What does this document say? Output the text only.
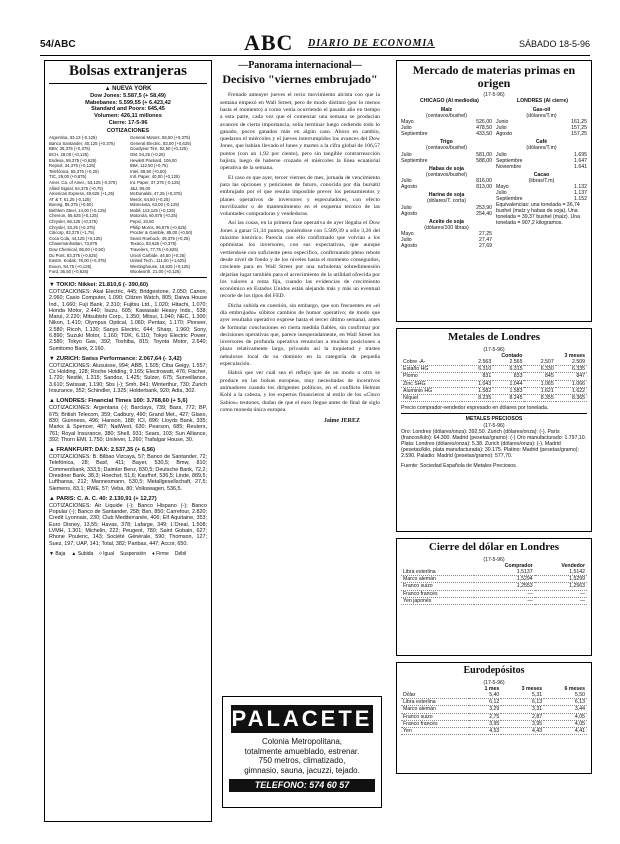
54/ABC	ABC DIARIO DE ECONOMIA	SÁBADO 18-5-96
Bolsas extranjeras
▲ NUEVA YORK
Dow Jones: 5.587,5 (+ 58,49)
Mabebanes: 5.599,55 (+ 6.423,42
Standard and Poors: 645,45
Volumen: 426,11 millones
Cierre: 17-5-96
COTIZACIONES
Argentina, 33,13 (-0,125)
Banco Santander, 40,125 (+0,375)
BBV, 35,375 (+0,375)
BCH, 28,00 (+0,125)
Endesa, 59,375 (+0,625)
Repsol, 34,375 (+0,125)
Telefónica, 55,375 (+0,25)
TIC, 29,00 (+0,875)
Amer. Ca. of Amer., 53,125 (-0,375)
Allied Signal, 54,375 (+0,75)
American Express, 49,625 (+1,25)
AT & T, 61,25 (-0,125)
Boeing, 85,375 (+0,50)
Bethlem Steel, 14,00 (+0,125)
Chevron, 55,625 (+0,125)
Chrysler, 66,125 (+0,375)
Chrysler, 33,25 (+0,375)
Citicorp, 82,375 (+1,75)
Coca Cola, 44,125 (+0,125)
Chasemanhattan, 73,875
Dow Chemical, 86,00 (+0,50)
Du Pont, 83,375 (+0,625)
Eastm. Kodak, 78,00 (+0,375)
Exxon, 84,75 (+0,125)
Ford, 36,50 (+0,625)
General Motors, 55,50 (+0,375)
General Electric, 83,00 (+0,625)
Goodyear Tire, 52,50 (+0,125)
GM, 54,25 (+0,25)
Hewlett Packard, 106,00
IBM, 112,50 (+0,75)
Intel, 69,50 (+0,50)
Intl. Paper, 40,00 (+0,125)
Int. Paper, 37,375 (-0,125)
J&J, 95,00
McDonalds, 47,25 (+0,375)
Merck, 64,50 (+0,25)
Minnesota, 63,00 (-0,125)
Mobil, 113,125 (+0,125)
Motorola, 60,875 (+0,25)
Pepsi, 33,50
Philip Morris, 96,875 (+0,625)
Procter & Gamble, 85,00 (+0,50)
Sears Roebuck, 49,375 (+0,25)
Texaco, 83,625 (+0,375)
Travelers, 77,75 (+0,625)
Union Carbide, 44,50 (+0,25)
United Tech., 111,00 (+1,625)
Westinghouse, 18,625 (+0,125)
Woolworth, 21,00 (+0,125)
▼ TOKIO: Nikkei: 21.810,6 (- 390,60)
COTIZACIONES: Akai Electric, 445; Bridgestone, 2.050; Canon, 2.060; Casio Computer, 1.090; Citizen Watch, 805; Daiwa House Ind., 1.660; Fuji Bank, 2.310; Fujitsu Ltd., 1.020; Hitachi, 1.070; Honda Motor, 2.440; Isuzu, 605; Kawasaki Heavy Inds., 538; Marui, 2.220; Mitsubishi Corp., 1.350; Mitsui, 1.040; NEC, 1.300; Nikon, 1.410; Olympus Optical, 1.060; Pentax, 1.170; Pioneer, 2.580; Ricoh, 1.130; Sanyo Electric, 644; Sharp, 1.960; Sony, 6.890; Suzuki Motor, 1.160; TDK, 6.110; Tokyo Electric Power, 2.580; Tokyo Gas, 392; Toshiba, 815; Toyota Motor, 2.640; Sumitomo Bank, 2.160.
▼ ZURICH: Swiss Performance: 2.067,64 (- 3,42)
COTIZACIONES: Alusuisse, 994; ABB, 1.505; Ciba Geigy, 1.557; Cs Holding, 128; Roche Holding, 9.165; Electrowatt, 476; Fischer, 1.720; Nestlé, 1.315; Sandoz, 1.425; Sulzer, 675; Surveillance, 3.610; Swissair, 1.190; Sbs (-); Smh, 841; Winterthur, 730; Zurich Insurance, 352; Schindler, 1.325; Holderbank, 920; Adia, 302.
▲ LONDRES: Financial Times 100: 3.768,60 (+ 5,6)
COTIZACIONES: Argentaria (-); Barclays, 739; Bass, 772; BP, 675; British Telecom, 359; Cadbury, 490; Grand Met., 427; Glaxo, 830; Guinness, 496; Hanson, 188; ICI, 896; Lloyds Bank, 335; Marks & Spencer, 487; NatWest, 630; Pearson, 685; Reuters, 761; Royal Insurance, 380; Shell, 931; Sears, 103; Sun Alliance, 392; Thorn EMI, 1.750; Unilever, 1.260; Trafalgar House, 30.
▲ FRANKFURT: DAX: 2.537,35 (+ 6,56)
COTIZACIONES: B. Bilbao Vizcaya, 57; Banco de Santander, 72; Telefónica, 28; Basf, 411; Bayer, 530,5; Bmw, 810; Commerzbank, 333,5; Daimler Benz, 830,5; Deutsche Bank, 72,2; Dresdner Bank, 38,3; Hoechst, 51,6; Kaufhof, 536,5; Linde, 889,5; Lufthansa, 212; Mannesmann, 530,5; Metallgesellschaft, 27,5; Siemens, 83,1; RWE, 57; Veba, 80; Volkswagen, 536,5.
▲ PARIS: C. A. C. 40: 2.130,91 (+ 12,27)
COTIZACIONES: Air Liquide (-); Banco Hispano (-); Banco Popular (-); Banco de Santander, 258; Bsn, 850; Carrefour, 2.820; Credit Lyonnais, 230; Club Mediterranée, 406; Elf Aquitaine, 353; Euro Disney, 13,55; Havas, 378; Lafarge, 349; L'Oreal, 1.508; LVMH, 1.301; Michelin, 222; Peugeot, 780; Saint Gobain, 627; Rhone Poulenc, 143; Société Générale, 590; Thomson, 127; Suez, 197; UAP, 141; Total, 382; Paribas, 447; Accor, 650.
▼ Baja ▲ Subida ◊ Igual Suspensión ♦ Firme Débil
—Panorama internacional—
Decisivo "viernes embrujado"

Frenado anteayer jueves el recio movimiento alcista con que la semana empezó en Wall Street, pero de modo distinto (por lo menos hasta el momento) a como venía ocurriendo el pasado año en tiempo a esta parte, cada vez que el comenzar una semana se producían avances de cierta importancia, solía terminar luego cediendo todo lo ganado, pocos ganados más en algún caso. Ahora en cambio, quedaron el miércoles y el jueves interrumpidos los avances del Dow Jones, que habían llevado el lunes y martes a la cifra global de 106,57 puntos (con un 1,92 por ciento), pero sin tangible contrarreacción bajista, luego de haberse cruzado el miércoles la línea ecuatorial operativa de la semana.

El caso es que ayer, tercer viernes de mes, jornada de vencimiento para las opciones y peticiones de futuro, conocida por día bursátil embrujado por el que resulta imposible prever los pensamientos y planes operativos de inversores y especuladores, con efecto movilizador o de mantenimiento en el esquema técnico de las voluntades compradoras y vendedoras.

Así las cosas, en la primera fase operativa de ayer llegaba el Dow Jones a ganar 51,34 puntos, poniéndose con 5.589,39 a sólo 3,26 del máximo histórico. Parecía con ello confirmado que volvían a los optimistas los inversores, con sus expectativas, que aunque vertíendose con suficiente peso específico, confirmando pleno rebote desde nivel de fondo y de los niveles hasta el momento conseguidos, creciente para en Wall Street por una turbulenta sobredimensión dejarían lugar también para el acrecimiento de la utilidad ofrecida por los valores a renta fija, cuando las evidencias de crecimiento económico en Estados Unidos están alejando más y más un eventual recorte de los tipos del FED.

Dicha subida en cuestión, sin embargo, que son frecuentes en «el día embrujado» súbitos cambios de humor operativo; de modo que ayer resultaba operativo exprese hasta el tercer último semanal, antes de formular conclusiones en cierta medida fiables, sin confirmar por decisiones operativas que, parece inesperadamente, en Wall Street los inversores de profunda operativa renuncian a muchos posiciones a plazo relativamente largo, privando así la inquietud y trastes nebulosos local de su dominio en la categoría de pequeña especulación.

Habrá que ver cuál sea el reflejo que de un modo u otro se produce en las bolsas europeas, muy necesitadas de incentivos animadores cuando los dirigentes políticos, en el conflicto Helmut Kohl a la cabeza, y los expertos financieros al estilo de los «Cinco Sabios» teutones, dudan de que el euro llegue antes de final de siglo como moneda única europea.

Jaime JEREZ
PALACETE
Colonia Metropolitana,
totalmente amueblado, estrenar.
750 metros, climatizado,
gimnasio, sauna, jacuzzi, tejado.
TELEFONO: 574 60 57
Mercado de materias primas en origen
(17-5-96)
CHICAGO (Al mediodía)	LONDRES (Al cierre)
Maíz
(centavos/bushel)
Mayo	526,00
Julio	478,50
Septiembre	433,50
Trigo
(centavos/bushel)
Julio	581,00
Septiembre	588,00
Habas de soja
(centavos/bushel)
Julio	816,00
Agosto	813,00
Harina de soja
(dólares/T. corta)
Julio	253,90
Agosto	254,40
Aceite de soja
(dólares/100 libras)
Mayo	27,25
Julio	27,47
Agosto	27,69
Gas-oil
(dólares/T.m)
Junio	161,25
Julio	157,25
Agosto	157,25
Café
(dólares/T.m)
Julio	1.695
Septiembre	1.647
Noviembre	1.641
Cacao
(libras/T.m)
Mayo	1.132
Julio	1.137
Septiembre	1.152
Equivalencias: una tonelada = 36,74 bushel (maíz y habas de soja). Una tonelada = 39,37 bushel (maíz). Una tonelada = 907,2 kilogramos.
Metales de Londres
(17-5-96)
	Contado		3 meses	
Cobre -A-	2.563	2.565	2.507	2.509
Estaño HG	6.310	6.315	6.330	6.335
Plomo	831	833	845	847
Zinc SHG	1.043	1.044	1.065	1.066
Aluminio HG	1.582	1.583	1.621	1.622
Níquel	8.235	8.245	8.355	8.365
Precio comprador-vendedor expresado en dólares por tonelada.
METALES PRECIOSOS
(17-5-96)
Oro: Londres (dólares/onza): 392,50. Zurich (dólares/onza): (-). París (francos/kilo): 64.300. Madrid (pesetas/gramo): (-) Oro manufacturado: 1.797,10. Plata: Londres (dólares/onza): 5,38. Zurich (dólares/onza): (-). Madrid (pesetas/kilo, plata manufacturada): 30.175. Platino: Madrid (pesetas/gramo): 2.590. Paladio: Madrid (pesetas/gramo): 577,70.
Fuente: Sociedad Española de Metales Preciosos.
Cierre del dólar en Londres
(17-5-96)
	Comprador	Vendedor
Libra esterlina	1,5137	1,5142
Marco alemán	1,5294	1,5299
Franco suizo	1,2553	1,2563
Franco francés	—	—
Yen japonés	—	—
Eurodepósitos
(17-5-96)
	1 mes	3 meses	6 meses
Dólar	5,40	5,31	5,50
Libra esterlina	6,12	6,13	6,13
Marco alemán	3,29	3,31	3,44
Franco suizo	2,75	2,87	4,05
Franco francés	3,95	3,95	4,05
Yen	4,53	4,43	4,41
